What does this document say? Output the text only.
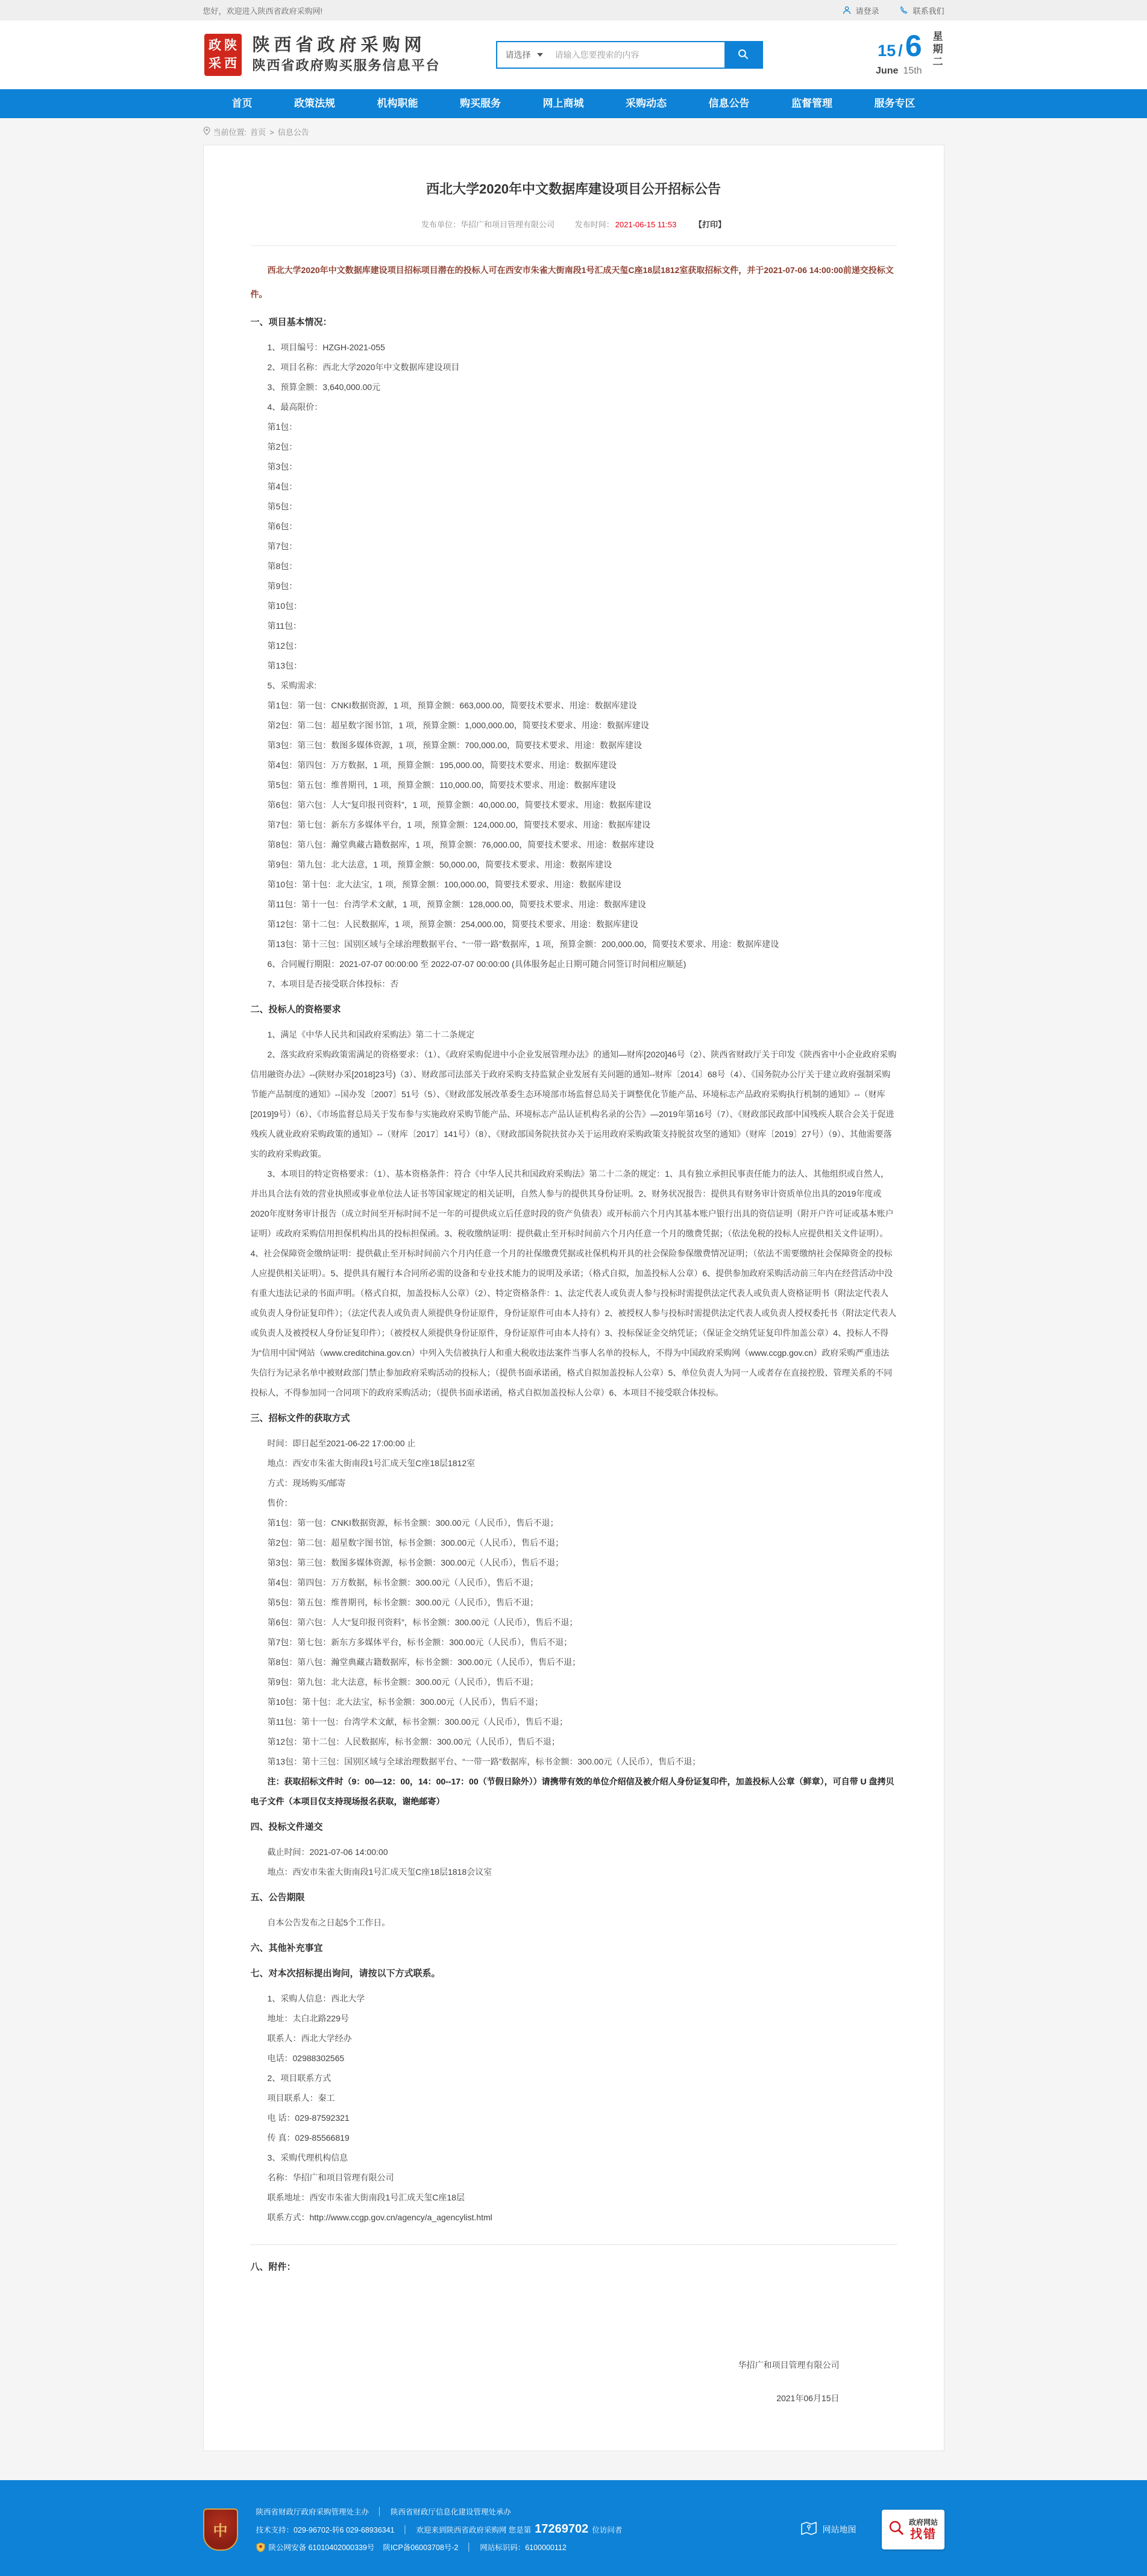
您好，欢迎进入陕西省政府采购网!	请登录	联系我们
政 陕
采 西
陕西省政府采购网
陕西省政府购买服务信息平台
请选择
请输入您要搜索的内容	15 /6
June 15th
星期二
首页	政策法规	机构职能	购买服务	网上商城	采购动态	信息公告	监督管理	服务专区
当前位置: 首页 > 信息公告
西北大学2020年中文数据库建设项目公开招标公告
发布单位：华招广和项目管理有限公司	发布时间： 2021-06-15 11:53 【打印】

西北大学2020年中文数据库建设项目招标项目潜在的投标人可在西安市朱雀大街南段1号汇成天玺C座18层1812室获取招标文件，并于2021-07-06 14:00:00前递交投标文件。

一、项目基本情况：

1、项目编号：HZGH-2021-055

2、项目名称：西北大学2020年中文数据库建设项目

3、预算金额：3,640,000.00元

4、最高限价：

第1包：

第2包：

第3包：

第4包：

第5包：

第6包：

第7包：

第8包：

第9包：

第10包：

第11包：

第12包：

第13包：

5、采购需求:

第1包：第一包：CNKI数据资源，1 项，预算金额：663,000.00，简要技术要求、用途：数据库建设

第2包：第二包：超星数字图书馆，1 项，预算金额：1,000,000.00，简要技术要求、用途：数据库建设

第3包：第三包：数图多媒体资源，1 项，预算金额：700,000.00，简要技术要求、用途：数据库建设

第4包：第四包：万方数据，1 项，预算金额：195,000.00，简要技术要求、用途：数据库建设

第5包：第五包：维普期刊，1 项，预算金额：110,000.00，简要技术要求、用途：数据库建设

第6包：第六包：人大“复印报刊资料”，1 项，预算金额：40,000.00，简要技术要求、用途：数据库建设

第7包：第七包：新东方多媒体平台，1 项，预算金额：124,000.00，简要技术要求、用途：数据库建设

第8包：第八包：瀚堂典藏古籍数据库，1 项，预算金额：76,000.00，简要技术要求、用途：数据库建设

第9包：第九包：北大法意，1 项，预算金额：50,000.00，简要技术要求、用途：数据库建设

第10包：第十包：北大法宝，1 项，预算金额：100,000.00，简要技术要求、用途：数据库建设

第11包：第十一包：台湾学术文献，1 项，预算金额：128,000.00，简要技术要求、用途：数据库建设

第12包：第十二包：人民数据库，1 项，预算金额：254,000.00，简要技术要求、用途：数据库建设

第13包：第十三包：国别区域与全球治理数据平台、“一带一路”数据库，1 项，预算金额：200,000.00，简要技术要求、用途：数据库建设

6、合同履行期限：2021-07-07 00:00:00 至 2022-07-07 00:00:00 (具体服务起止日期可随合同签订时间相应顺延)

7、本项目是否接受联合体投标：否

二、投标人的资格要求

1、满足《中华人民共和国政府采购法》第二十二条规定

2、落实政府采购政策需满足的资格要求：（1）、《政府采购促进中小企业发展管理办法》的通知—财库[2020]46号（2）、陕西省财政厅关于印发《陕西省中小企业政府采购信用融资办法》--(陕财办采[2018]23号)（3）、财政部司法部关于政府采购支持监狱企业发展有关问题的通知--财库〔2014〕68号（4）、《国务院办公厅关于建立政府强制采购节能产品制度的通知》--国办发〔2007〕51号（5）、《财政部发展改革委生态环境部市场监督总局关于调整优化节能产品、环境标志产品政府采购执行机制的通知》--（财库[2019]9号）（6）、《市场监督总局关于发布参与实施政府采购节能产品、环境标志产品认证机构名录的公告》—2019年第16号（7）、《财政部民政部中国残疾人联合会关于促进残疾人就业政府采购政策的通知》--（财库〔2017〕141号）（8）、《财政部国务院扶贫办关于运用政府采购政策支持脱贫攻坚的通知》（财库〔2019〕27号）（9）、其他需要落实的政府采购政策。

3、本项目的特定资格要求：（1）、基本资格条件：符合《中华人民共和国政府采购法》第二十二条的规定：1、具有独立承担民事责任能力的法人、其他组织或自然人，并出具合法有效的营业执照或事业单位法人证书等国家规定的相关证明，自然人参与的提供其身份证明。2、财务状况报告：提供具有财务审计资质单位出具的2019年度或2020年度财务审计报告（成立时间至开标时间不足一年的可提供成立后任意时段的资产负债表）或开标前六个月内其基本账户银行出具的资信证明（附开户许可证或基本账户证明）或政府采购信用担保机构出具的投标担保函。3、税收缴纳证明：提供截止至开标时间前六个月内任意一个月的缴费凭据；（依法免税的投标人应提供相关文件证明）。4、社会保障资金缴纳证明：提供截止至开标时间前六个月内任意一个月的社保缴费凭据或社保机构开具的社会保险参保缴费情况证明；（依法不需要缴纳社会保障资金的投标人应提供相关证明）。5、提供具有履行本合同所必需的设备和专业技术能力的说明及承诺；（格式自拟，加盖投标人公章）6、提供参加政府采购活动前三年内在经营活动中没有重大违法记录的书面声明。（格式自拟，加盖投标人公章）（2）、特定资格条件：1、法定代表人或负责人参与投标时需提供法定代表人或负责人资格证明书（附法定代表人或负责人身份证复印件）；（法定代表人或负责人须提供身份证原件，身份证原件可由本人持有）2、被授权人参与投标时需提供法定代表人或负责人授权委托书（附法定代表人或负责人及被授权人身份证复印件）；（被授权人须提供身份证原件，身份证原件可由本人持有）3、投标保证金交纳凭证；（保证金交纳凭证复印件加盖公章）4、投标人不得为“信用中国”网站（www.creditchina.gov.cn）中列入失信被执行人和重大税收违法案件当事人名单的投标人，不得为中国政府采购网（www.ccgp.gov.cn）政府采购严重违法失信行为记录名单中被财政部门禁止参加政府采购活动的投标人；（提供书面承诺函，格式自拟加盖投标人公章）5、单位负责人为同一人或者存在直接控股、管理关系的不同投标人，不得参加同一合同项下的政府采购活动；（提供书面承诺函，格式自拟加盖投标人公章）6、本项目不接受联合体投标。

三、招标文件的获取方式

时间：即日起至2021-06-22 17:00:00 止

地点：西安市朱雀大街南段1号汇成天玺C座18层1812室

方式：现场购买/邮寄

售价：

第1包：第一包：CNKI数据资源，标书金额：300.00元（人民币），售后不退；

第2包：第二包：超星数字图书馆，标书金额：300.00元（人民币），售后不退；

第3包：第三包：数图多媒体资源，标书金额：300.00元（人民币），售后不退；

第4包：第四包：万方数据，标书金额：300.00元（人民币），售后不退；

第5包：第五包：维普期刊，标书金额：300.00元（人民币），售后不退；

第6包：第六包：人大“复印报刊资料”，标书金额：300.00元（人民币），售后不退；

第7包：第七包：新东方多媒体平台，标书金额：300.00元（人民币），售后不退；

第8包：第八包：瀚堂典藏古籍数据库，标书金额：300.00元（人民币），售后不退；

第9包：第九包：北大法意，标书金额：300.00元（人民币），售后不退；

第10包：第十包：北大法宝，标书金额：300.00元（人民币），售后不退；

第11包：第十一包：台湾学术文献，标书金额：300.00元（人民币），售后不退；

第12包：第十二包：人民数据库，标书金额：300.00元（人民币），售后不退；

第13包：第十三包：国别区域与全球治理数据平台、“一带一路”数据库，标书金额：300.00元（人民币），售后不退；

注：获取招标文件时（9：00—12：00，14：00--17：00（节假日除外））请携带有效的单位介绍信及被介绍人身份证复印件，加盖投标人公章（鲜章），可自带 U 盘拷贝电子文件（本项目仅支持现场报名获取，谢绝邮寄）

四、投标文件递交

截止时间：2021-07-06 14:00:00

地点：西安市朱雀大街南段1号汇成天玺C座18层1818会议室

五、公告期限

自本公告发布之日起5个工作日。

六、其他补充事宜
七、对本次招标提出询问，请按以下方式联系。

1、采购人信息：西北大学

地址：太白北路229号

联系人：西北大学经办

电话：02988302565

2、项目联系方式

项目联系人：秦工

电 话：029-87592321

传 真：029-85566819

3、采购代理机构信息

名称：华招广和项目管理有限公司

联系地址：西安市朱雀大街南段1号汇成天玺C座18层

联系方式：http://www.ccgp.gov.cn/agency/a_agencylist.html

八、附件：
华招广和项目管理有限公司
2021年06月15日
中
陕西省财政厅政府采购管理处主办 │ 陕西省财政厅信息化建设管理处承办
技术支持：029-96702-转6 029-68936341 │ 欢迎来到陕西省政府采购网 您是第 17269702 位访问者
陕公网安备 61010402000339号 陕ICP备06003708号-2 │ 网站标识码：6100000112
网站地图
政府网站
找错
